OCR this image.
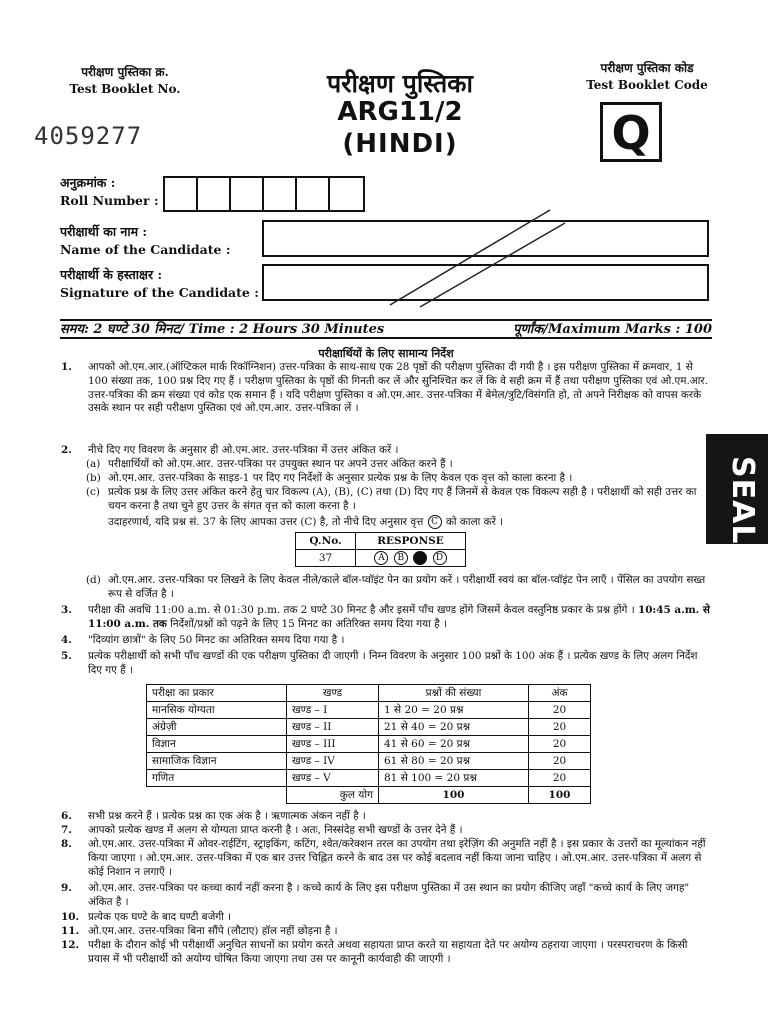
परीक्षण पुस्तिका क्र.
Test Booklet No.
4059277
परीक्षण पुस्तिका
ARG11/2
(HINDI)
परीक्षण पुस्तिका कोड
Test Booklet Code
Q
अनुक्रमांक :
Roll Number :
परीक्षार्थी का नाम :
Name of the Candidate :
परीक्षार्थी के हस्ताक्षर :
Signature of the Candidate :
समय: 2 घण्टे 30 मिनट/ Time : 2 Hours 30 Minutes	पूर्णांक/Maximum Marks : 100
परीक्षार्थियों के लिए सामान्य निर्देश
1. आपको ओ.एम.आर.(ऑप्टिकल मार्क रिकॉग्निशन) उत्तर-पत्रिका के साथ-साथ एक 28 पृष्ठों की परीक्षण पुस्तिका दी गयी है । इस परीक्षण पुस्तिका में क्रमवार, 1 से 100 संख्या तक, 100 प्रश्न दिए गए हैं । परीक्षण पुस्तिका के पृष्ठों की गिनती कर लें और सुनिश्चित कर लें कि वे सही क्रम में हैं तथा परीक्षण पुस्तिका एवं ओ.एम.आर. उत्तर-पत्रिका की क्रम संख्या एवं कोड एक समान हैं । यदि परीक्षण पुस्तिका व ओ.एम.आर. उत्तर-पत्रिका में बेमेल/त्रुटि/विसंगति हो, तो अपने निरीक्षक को वापस करके उसके स्थान पर सही परीक्षण पुस्तिका एवं ओ.एम.आर. उत्तर-पत्रिका लें ।
2. नीचे दिए गए विवरण के अनुसार ही ओ.एम.आर. उत्तर-पत्रिका में उत्तर अंकित करें ।
(a) परीक्षार्थियों को ओ.एम.आर. उत्तर-पत्रिका पर उपयुक्त स्थान पर अपने उत्तर अंकित करने हैं ।
(b) ओ.एम.आर. उत्तर-पत्रिका के साइड-1 पर दिए गए निर्देशों के अनुसार प्रत्येक प्रश्न के लिए केवल एक वृत्त को काला करना है ।
(c) प्रत्येक प्रश्न के लिए उत्तर अंकित करने हेतु चार विकल्प (A), (B), (C) तथा (D) दिए गए हैं जिनमें से केवल एक विकल्प सही है । परीक्षार्थी को सही उत्तर का चयन करना है तथा चुने हुए उत्तर के संगत वृत्त को काला करना है ।
उदाहरणार्थ, यदि प्रश्न सं. 37 के लिए आपका उत्तर (C) है, तो नीचे दिए अनुसार वृत्त C को काला करें ।
Q.No.	RESPONSE
37	A B D
(d) ओ.एम.आर. उत्तर-पत्रिका पर लिखने के लिए केवल नीले/काले बॉल-प्वॉइंट पेन का प्रयोग करें । परीक्षार्थी स्वयं का बॉल-प्वॉइंट पेन लाएँ । पेंसिल का उपयोग सख्त रूप से वर्जित है ।
3. परीक्षा की अवधि 11:00 a.m. से 01:30 p.m. तक 2 घण्टे 30 मिनट है और इसमें पाँच खण्ड होंगे जिसमें केवल वस्तुनिष्ठ प्रकार के प्रश्न होंगे । 10:45 a.m. से 11:00 a.m. तक निर्देशों/प्रश्नों को पढ़ने के लिए 15 मिनट का अतिरिक्त समय दिया गया है ।
4. "दिव्यांग छात्रों" के लिए 50 मिनट का अतिरिक्त समय दिया गया है ।
5. प्रत्येक परीक्षार्थी को सभी पाँच खण्डों की एक परीक्षण पुस्तिका दी जाएगी । निम्न विवरण के अनुसार 100 प्रश्नों के 100 अंक हैं । प्रत्येक खण्ड के लिए अलग निर्देश दिए गए हैं ।
परीक्षा का प्रकार	खण्ड	प्रश्नों की संख्या	अंक
मानसिक योग्यता	खण्ड – I	1 से 20 = 20 प्रश्न	20
अंग्रेज़ी	खण्ड – II	21 से 40 = 20 प्रश्न	20
विज्ञान	खण्ड – III	41 से 60 = 20 प्रश्न	20
सामाजिक विज्ञान	खण्ड – IV	61 से 80 = 20 प्रश्न	20
गणित	खण्ड – V	81 से 100 = 20 प्रश्न	20
	कुल योग	100	100
6. सभी प्रश्न करने हैं । प्रत्येक प्रश्न का एक अंक है । ऋणात्मक अंकन नहीं है ।
7. आपको प्रत्येक खण्ड में अलग से योग्यता प्राप्त करनी है । अतः, निस्संदेह सभी खण्डों के उत्तर देने हैं ।
8. ओ.एम.आर. उत्तर-पत्रिका में ओवर-राईटिंग, स्ट्राइकिंग, कटिंग, श्वेत/करेक्शन तरल का उपयोग तथा इरेज़िंग की अनुमति नहीं है । इस प्रकार के उत्तरों का मूल्यांकन नहीं किया जाएगा । ओ.एम.आर. उत्तर-पत्रिका में एक बार उत्तर चिह्नित करने के बाद उस पर कोई बदलाव नहीं किया जाना चाहिए । ओ.एम.आर. उत्तर-पत्रिका में अलग से कोई निशान न लगाएँ ।
9. ओ.एम.आर. उत्तर-पत्रिका पर कच्चा कार्य नहीं करना है । कच्चे कार्य के लिए इस परीक्षण पुस्तिका में उस स्थान का प्रयोग कीजिए जहाँ "कच्चे कार्य के लिए जगह" अंकित है ।
10. प्रत्येक एक घण्टे के बाद घण्टी बजेगी ।
11. ओ.एम.आर. उत्तर-पत्रिका बिना सौंपे (लौटाए) हॉल नहीं छोड़ना है ।
12. परीक्षा के दौरान कोई भी परीक्षार्थी अनुचित साधनों का प्रयोग करते अथवा सहायता प्राप्त करते या सहायता देते पर अयोग्य ठहराया जाएगा । परस्पराचरण के किसी प्रयास में भी परीक्षार्थी को अयोग्य घोषित किया जाएगा तथा उस पर कानूनी कार्यवाही की जाएगी ।
SEAL
